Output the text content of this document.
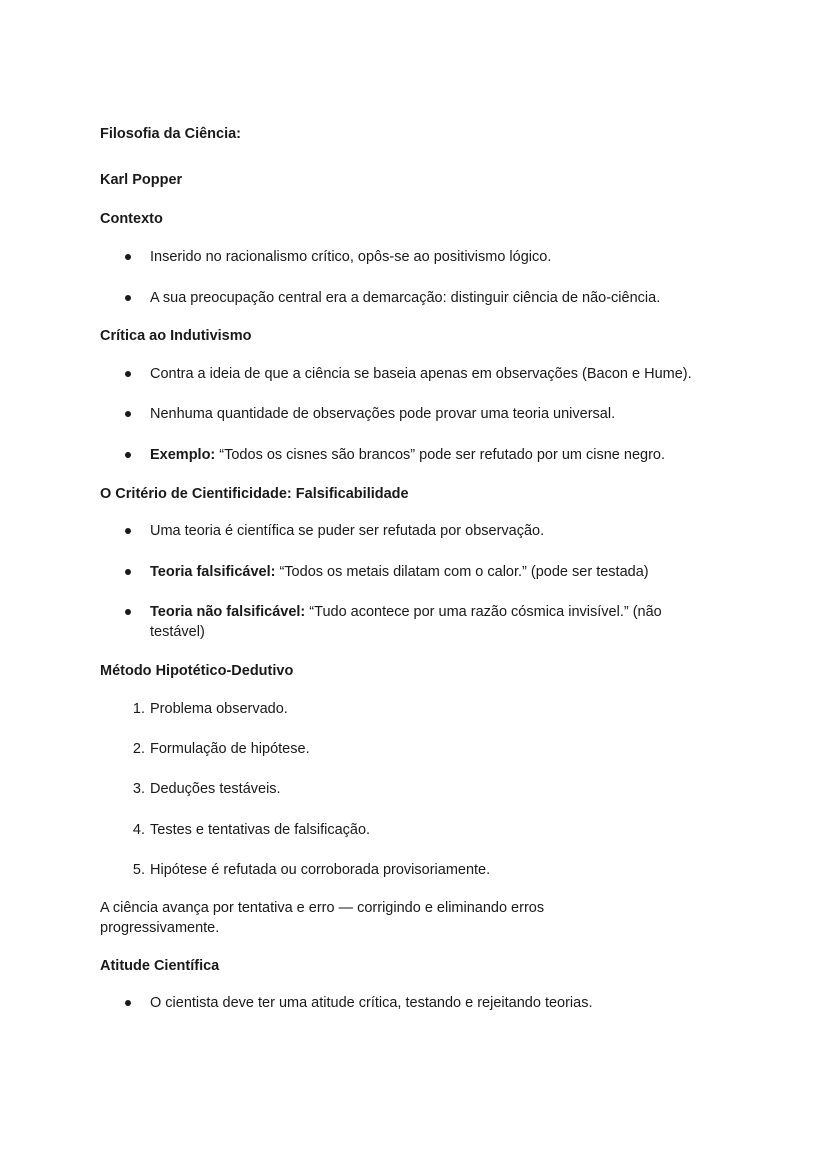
Filosofia da Ciência:
Karl Popper
Contexto
Inserido no racionalismo crítico, opôs-se ao positivismo lógico.
A sua preocupação central era a demarcação: distinguir ciência de não-ciência.
Crítica ao Indutivismo
Contra a ideia de que a ciência se baseia apenas em observações (Bacon e Hume).
Nenhuma quantidade de observações pode provar uma teoria universal.
Exemplo: “Todos os cisnes são brancos” pode ser refutado por um cisne negro.
O Critério de Cientificidade: Falsificabilidade
Uma teoria é científica se puder ser refutada por observação.
Teoria falsificável: “Todos os metais dilatam com o calor.” (pode ser testada)
Teoria não falsificável: “Tudo acontece por uma razão cósmica invisível.” (não testável)
Método Hipotético-Dedutivo
1. Problema observado.
2. Formulação de hipótese.
3. Deduções testáveis.
4. Testes e tentativas de falsificação.
5. Hipótese é refutada ou corroborada provisoriamente.
A ciência avança por tentativa e erro — corrigindo e eliminando erros progressivamente.
Atitude Científica
O cientista deve ter uma atitude crítica, testando e rejeitando teorias.
